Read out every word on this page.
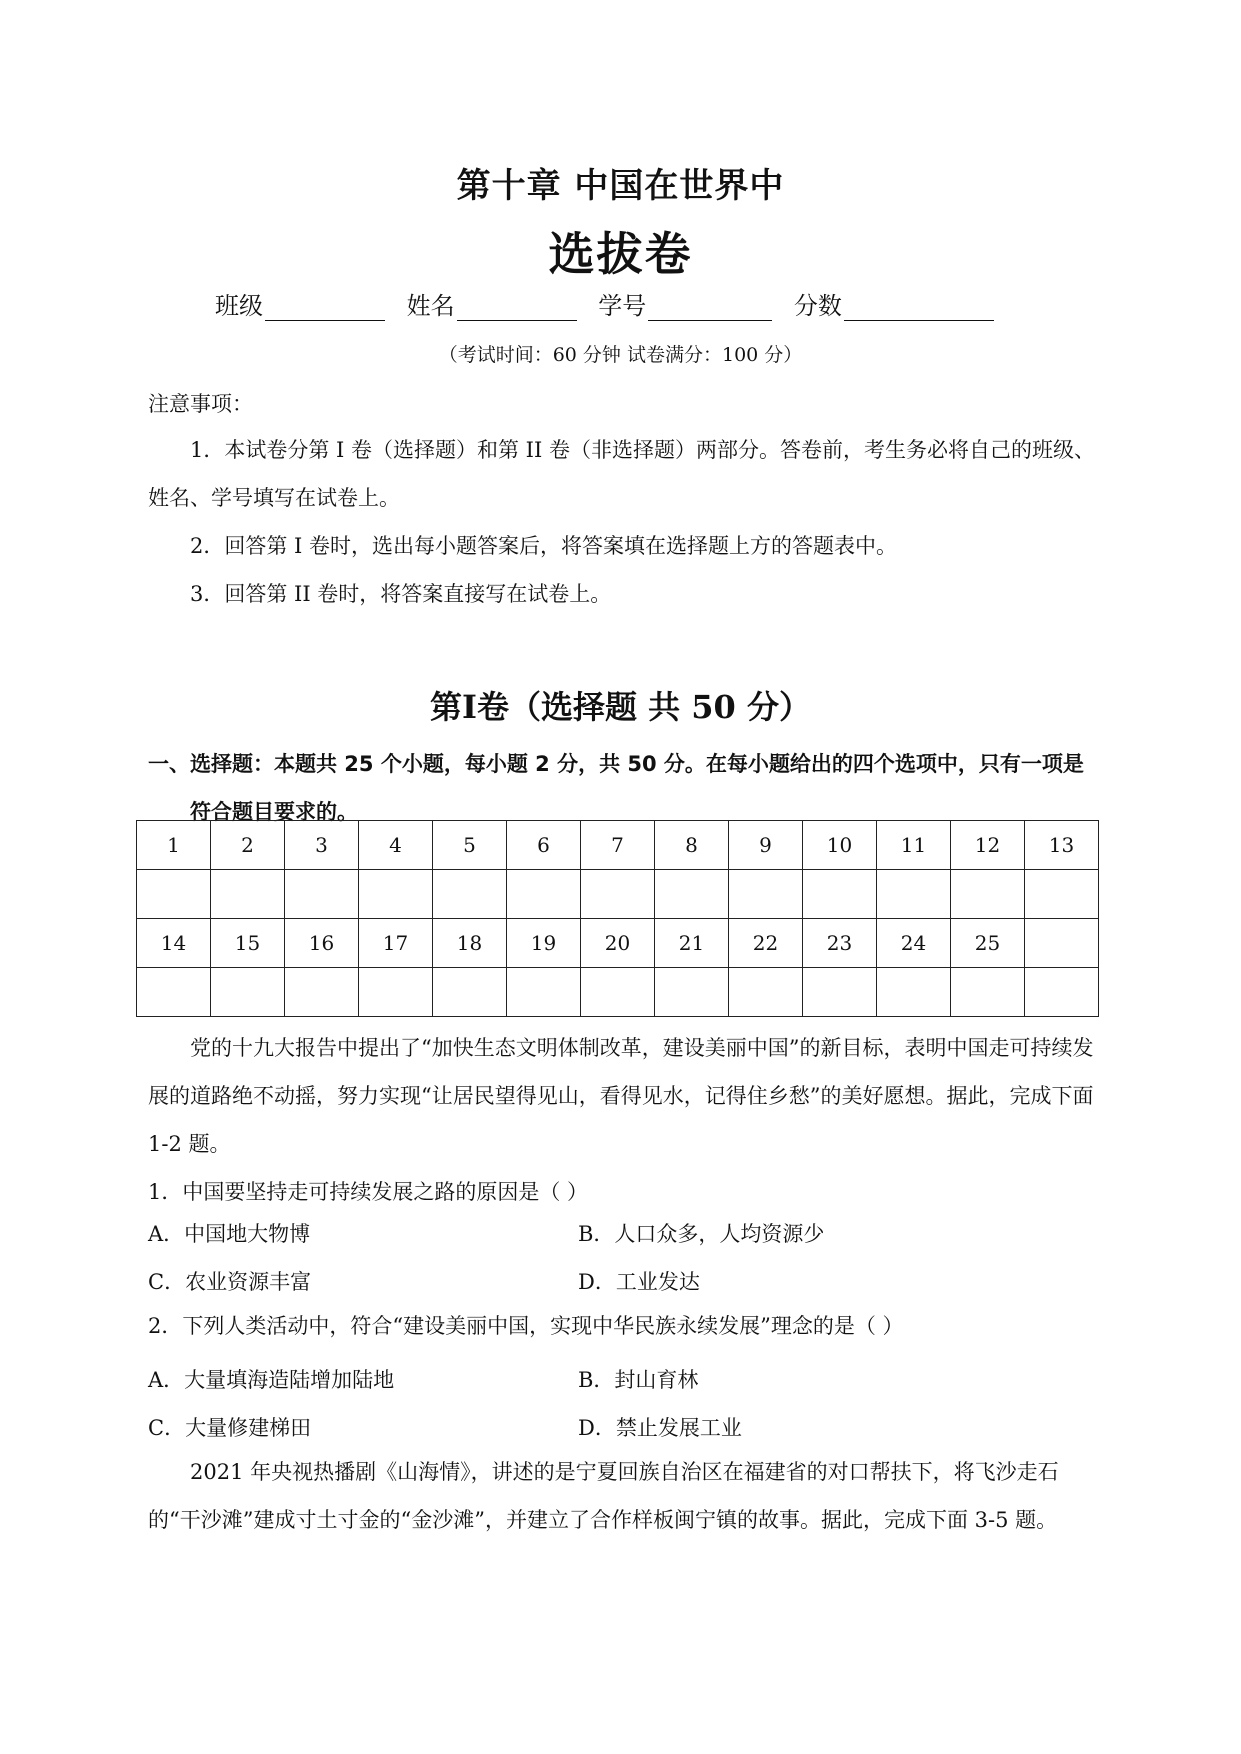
第十章 中国在世界中
选拔卷
班级	姓名	学号	分数
（考试时间：60 分钟 试卷满分：100 分）
注意事项：
1．本试卷分第 I 卷（选择题）和第 II 卷（非选择题）两部分。答卷前，考生务必将自己的班级、姓名、学号填写在试卷上。
2．回答第 I 卷时，选出每小题答案后，将答案填在选择题上方的答题表中。
3．回答第 II 卷时，将答案直接写在试卷上。
第I卷（选择题 共 50 分）
一、选择题：本题共 25 个小题，每小题 2 分，共 50 分。在每小题给出的四个选项中，只有一项是
符合题目要求的。
1	2	3	4	5	6	7	8	9	10	11	12	13

14	15	16	17	18	19	20	21	22	23	24	25	

党的十九大报告中提出了“加快生态文明体制改革，建设美丽中国”的新目标，表明中国走可持续发展的道路绝不动摇，努力实现“让居民望得见山，看得见水，记得住乡愁”的美好愿想。据此，完成下面 1-2 题。
1．中国要坚持走可持续发展之路的原因是（ ）
A．中国地大物博	B．人口众多，人均资源少
C．农业资源丰富	D．工业发达
2．下列人类活动中，符合“建设美丽中国，实现中华民族永续发展”理念的是（ ）
A．大量填海造陆增加陆地	B．封山育林
C．大量修建梯田	D．禁止发展工业
2021 年央视热播剧《山海情》，讲述的是宁夏回族自治区在福建省的对口帮扶下，将飞沙走石的“干沙滩”建成寸土寸金的“金沙滩”，并建立了合作样板闽宁镇的故事。据此，完成下面 3-5 题。
